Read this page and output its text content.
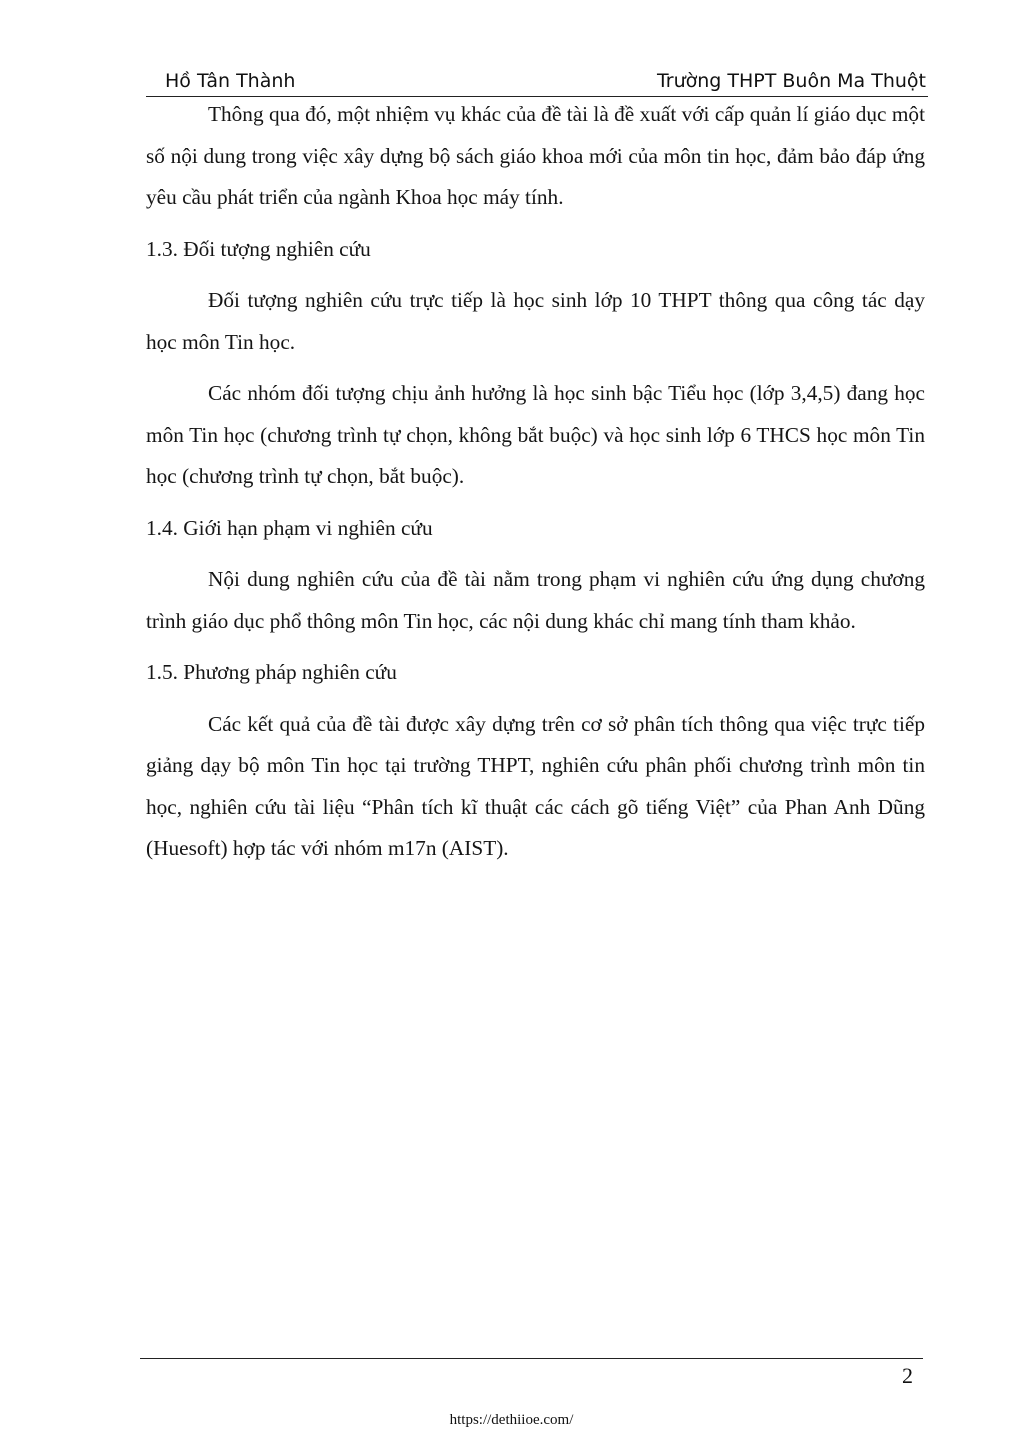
Hồ Tân Thành	Trường THPT Buôn Ma Thuột

Thông qua đó, một nhiệm vụ khác của đề tài là đề xuất với cấp quản lí giáo dục một số nội dung trong việc xây dựng bộ sách giáo khoa mới của môn tin học, đảm bảo đáp ứng yêu cầu phát triển của ngành Khoa học máy tính.

1.3. Đối tượng nghiên cứu

Đối tượng nghiên cứu trực tiếp là học sinh lớp 10 THPT thông qua công tác dạy học môn Tin học.

Các nhóm đối tượng chịu ảnh hưởng là học sinh bậc Tiểu học (lớp 3,4,5) đang học môn Tin học (chương trình tự chọn, không bắt buộc) và học sinh lớp 6 THCS học môn Tin học (chương trình tự chọn, bắt buộc).

1.4. Giới hạn phạm vi nghiên cứu

Nội dung nghiên cứu của đề tài nằm trong phạm vi nghiên cứu ứng dụng chương trình giáo dục phổ thông môn Tin học, các nội dung khác chỉ mang tính tham khảo.

1.5. Phương pháp nghiên cứu

Các kết quả của đề tài được xây dựng trên cơ sở phân tích thông qua việc trực tiếp giảng dạy bộ môn Tin học tại trường THPT, nghiên cứu phân phối chương trình môn tin học, nghiên cứu tài liệu “Phân tích kĩ thuật các cách gõ tiếng Việt” của Phan Anh Dũng (Huesoft) hợp tác với nhóm m17n (AIST).

2
https://dethiioe.com/
